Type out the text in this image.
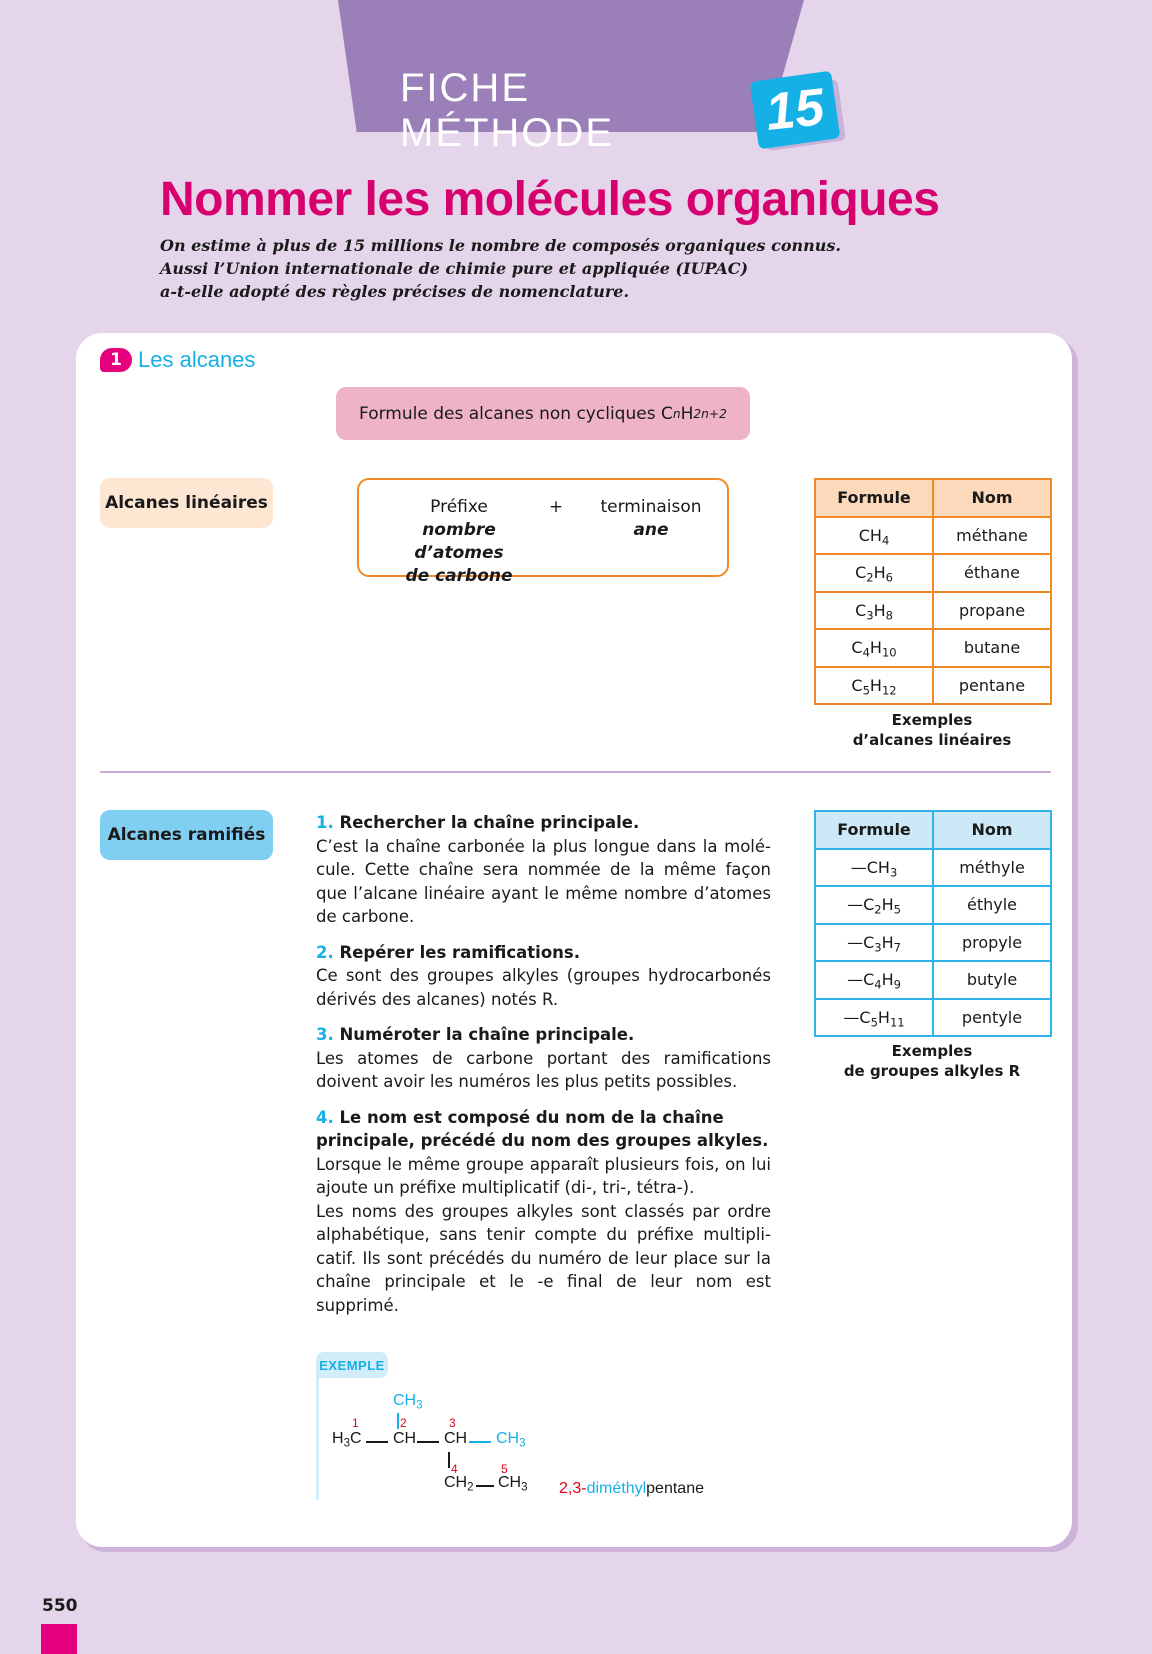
FICHE MÉTHODE	15
Nommer les molécules organiques
On estime à plus de 15 millions le nombre de composés organiques connus.
Aussi l’Union internationale de chimie pure et appliquée (IUPAC)
a-t-elle adopté des règles précises de nomenclature.
1 Les alcanes
Formule des alcanes non cycliques C n H 2n+2
Alcanes linéaires	Préfixe
nombre d’atomes
de carbone
+	terminaison
ane
Formule	Nom
$CH_4$	méthane
$C_2H_6$	éthane
$C_3H_8$	propane
$C_4H_{10}$	butane
$C_5H_{12}$	pentane
Exemples
d’alcanes linéaires
Alcanes ramifiés
1. Rechercher la chaîne principale.
C’est la chaîne carbonée la plus longue dans la molécule. Cette chaîne sera nommée de la même façon que l’alcane linéaire ayant le même nombre d’atomes de carbone.
2. Repérer les ramifications.
Ce sont des groupes alkyles (groupes hydrocarbonés dérivés des alcanes) notés R.
3. Numéroter la chaîne principale.
Les atomes de carbone portant des ramifications doivent avoir les numéros les plus petits possibles.
4. Le nom est composé du nom de la chaîne principale, précédé du nom des groupes alkyles.
Lorsque le même groupe apparaît plusieurs fois, on lui ajoute un préfixe multiplicatif (di-, tri-, tétra-).
Les noms des groupes alkyles sont classés par ordre alphabétique, sans tenir compte du préfixe multiplicatif. Ils sont précédés du numéro de leur place sur la chaîne principale et le -e final de leur nom est supprimé.
Formule	Nom
$—CH_3$	méthyle
$—C_2H_5$	éthyle
$—C_3H_7$	propyle
$—C_4H_9$	butyle
$—C_5H_{11}$	pentyle
Exemples
de groupes alkyles R
EXEMPLE
$CH_3$
1	2	3
$H_3C$ CH CH $CH_3$
4	5
$CH_2$ $CH_3$ 2,3-diméthylpentane
550
